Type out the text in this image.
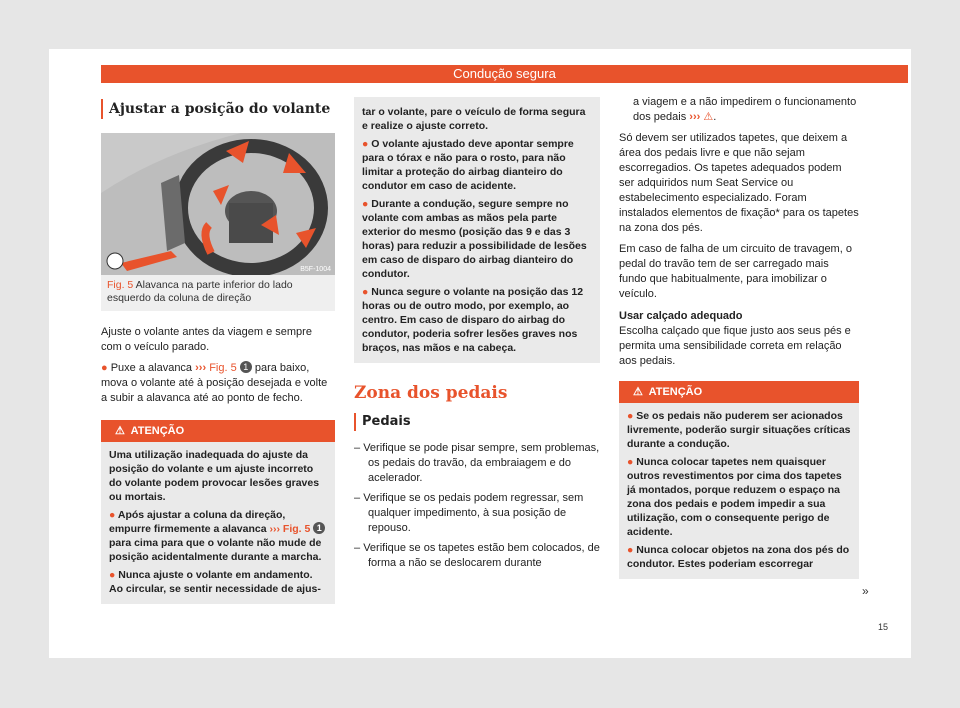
Condução segura
Ajustar a posição do volante
B5F-1004
Fig. 5 Alavanca na parte inferior do lado esquerdo da coluna de direção

Ajuste o volante antes da viagem e sempre com o veículo parado.

● Puxe a alavanca ››› Fig. 5 1 para baixo, mova o volante até à posição desejada e volte a subir a alavanca até ao ponto de fecho.
⚠ ATENÇÃO
Uma utilização inadequada do ajuste da posição do volante e um ajuste incorreto do volante podem provocar lesões graves ou mortais.
● Após ajustar a coluna da direção, empurre firmemente a alavanca ››› Fig. 5 1 para cima para que o volante não mude de posição acidentalmente durante a marcha.
● Nunca ajuste o volante em andamento. Ao circular, se sentir necessidade de ajus-
tar o volante, pare o veículo de forma segura e realize o ajuste correto.
● O volante ajustado deve apontar sempre para o tórax e não para o rosto, para não limitar a proteção do airbag dianteiro do condutor em caso de acidente.
● Durante a condução, segure sempre no volante com ambas as mãos pela parte exterior do mesmo (posição das 9 e das 3 horas) para reduzir a possibilidade de lesões em caso de disparo do airbag dianteiro do condutor.
● Nunca segure o volante na posição das 12 horas ou de outro modo, por exemplo, ao centro. Em caso de disparo do airbag do condutor, poderia sofrer lesões graves nos braços, nas mãos e na cabeça.
Zona dos pedais
Pedais
– Verifique se pode pisar sempre, sem problemas, os pedais do travão, da embraiagem e do acelerador.
– Verifique se os pedais podem regressar, sem qualquer impedimento, à sua posição de repouso.
– Verifique se os tapetes estão bem colocados, de forma a não se deslocarem durante

a viagem e a não impedirem o funcionamento dos pedais ››› ⚠.

Só devem ser utilizados tapetes, que deixem a área dos pedais livre e que não sejam escorregadios. Os tapetes adequados podem ser adquiridos num Seat Service ou estabelecimento especializado. Foram instalados elementos de fixação* para os tapetes na zona dos pés.

Em caso de falha de um circuito de travagem, o pedal do travão tem de ser carregado mais fundo que habitualmente, para imobilizar o veículo.

Usar calçado adequado

Escolha calçado que fique justo aos seus pés e permita uma sensibilidade correta em relação aos pedais.

⚠ ATENÇÃO
● Se os pedais não puderem ser acionados livremente, poderão surgir situações críticas durante a condução.
● Nunca colocar tapetes nem quaisquer outros revestimentos por cima dos tapetes já montados, porque reduzem o espaço na zona dos pedais e podem impedir a sua utilização, com o consequente perigo de acidente.
● Nunca colocar objetos na zona dos pés do condutor. Estes poderiam escorregar
»
15
